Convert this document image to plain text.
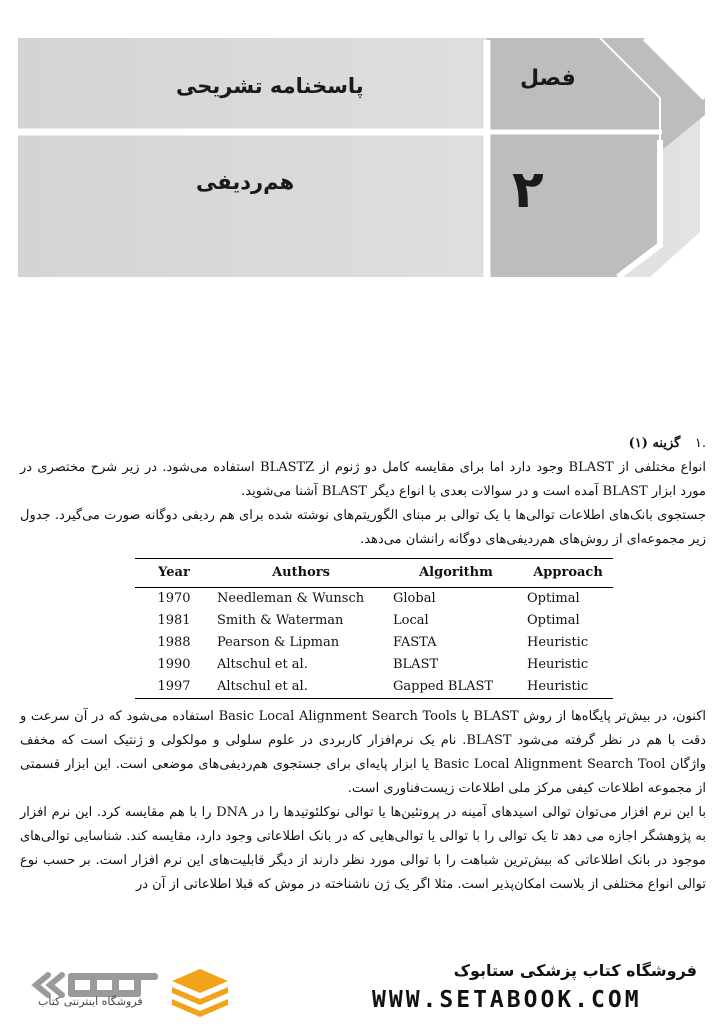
فصل
۲
پاسخنامه تشریحی
هم‌ردیفی

.۱ گزینه (۱)

انواع مختلفی از BLAST وجود دارد اما برای مقایسه کامل دو ژنوم از BLASTZ استفاده می‌شود. در زیر شرح مختصری در مورد ابزار BLAST آمده است و در سوالات بعدی با انواع دیگر BLAST آشنا می‌شوید.

جستجوی بانک‌های اطلاعات توالی‌ها با یک توالی بر مبنای الگوریتم‌های نوشته شده برای هم ردیفی دوگانه صورت می‌گیرد. جدول زیر مجموعه‌ای از روش‌های هم‌ردیفی‌های دوگانه رانشان می‌دهد.

Year	Authors	Algorithm	Approach
1970	Needleman & Wunsch	Global	Optimal
1981	Smith & Waterman	Local	Optimal
1988	Pearson & Lipman	FASTA	Heuristic
1990	Altschul et al.	BLAST	Heuristic
1997	Altschul et al.	Gapped BLAST	Heuristic

اکنون، در بیش‌تر پایگاه‌ها از روش BLAST یا Basic Local Alignment Search Tools استفاده می‌شود که در آن سرعت و دقت با هم در نظر گرفته می‌شود BLAST. نام یک نرم‌افزار کاربردی در علوم سلولی و مولکولی و ژنتیک است که مخفف واژگان Basic Local Alignment Search Tool یا ابزار پایه‌ای برای جستجوی هم‌ردیفی‌های موضعی است. این ابزار قسمتی از مجموعه اطلاعات کیفی مرکز ملی اطلاعات زیست‌فناوری است.

با این نرم افزار می‌توان توالی اسیدهای آمینه در پروتئین‌ها یا توالی نوکلئوتیدها را در DNA را با هم مقایسه کرد. این نرم افزار به پژوهشگر اجازه می دهد تا یک توالی را با توالی یا توالی‌هایی که در بانک اطلاعاتی وجود دارد، مقایسه کند. شناسایی توالی‌های موجود در بانک اطلاعاتی که بیش‌ترین شباهت را با توالی مورد نظر دارند از دیگر قابلیت‌های این نرم افزار است. بر حسب نوع توالی انواع مختلفی از بلاست امکان‌پذیر است. مثلا اگر یک ژن ناشناخته در موش که قبلا اطلاعاتی از آن در

فروشگاه اینترنتی کتاب
فروشگاه کتاب پزشکی ستابوک
WWW.SETABOOK.COM
